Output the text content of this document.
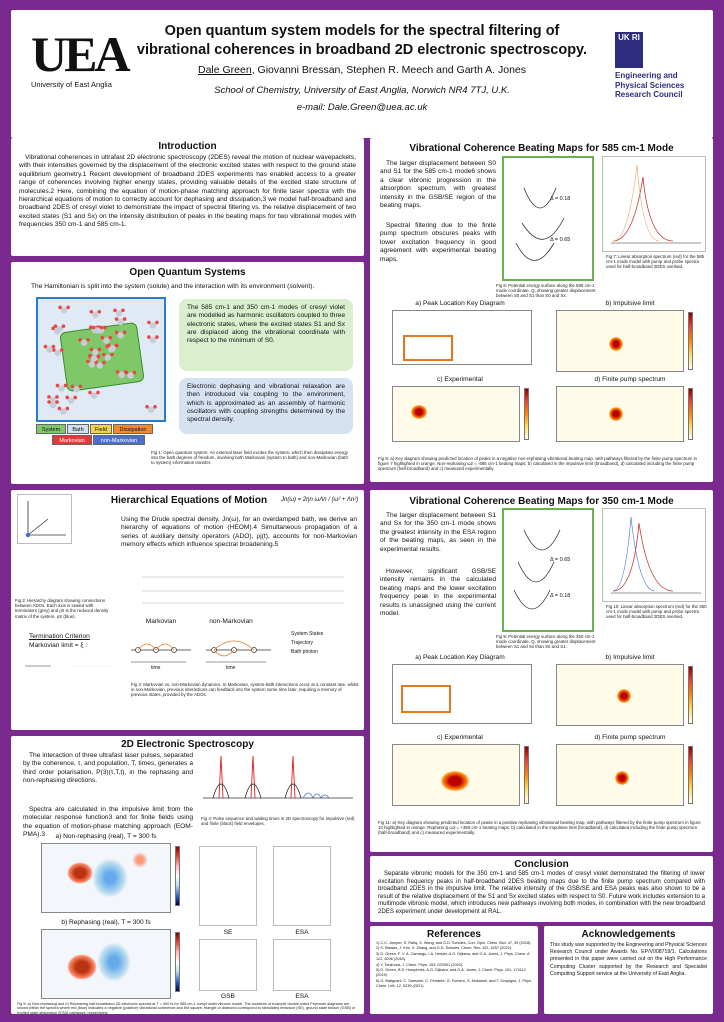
UEA
University of East Anglia
Open quantum system models for the spectral filtering of vibrational coherences in broadband 2D electronic spectroscopy.
Dale Green, Giovanni Bressan, Stephen R. Meech and Garth A. Jones
School of Chemistry, University of East Anglia, Norwich NR4 7TJ, U.K.
e-mail: Dale.Green@uea.ac.uk
UK RI
Engineering and Physical Sciences Research Council
Introduction
Vibrational coherences in ultrafast 2D electronic spectroscopy (2DES) reveal the motion of nuclear wavepackets, with their intensities governed by the displacement of the electronic excited states with respect to the ground state equilibrium geometry.1 Recent development of broadband 2DES experiments has enabled access to a greater range of coherences involving higher energy states, providing valuable details of the excited state structure of molecules.2 Here, combining the equation of motion-phase matching approach for finite laser spectra with the hierarchical equations of motion to correctly account for dephasing and dissipation,3 we model half-broadband and broadband 2DES of cresyl violet to demonstrate the impact of spectral filtering vs. the relative displacement of two excited states (S1 and Sx) on the intensity distribution of peaks in the beating maps for two vibrational modes with frequencies 350 cm-1 and 585 cm-1.
Open Quantum Systems
The Hamiltonian is split into the system (solute) and the interaction with its environment (solvent).
System	Bath	Field	Dissipation
Markovian	non-Markovian
The 585 cm-1 and 350 cm-1 modes of cresyl violet are modelled as harmonic oscillators coupled to three electronic states, where the excited states S1 and Sx are displaced along the vibrational coordinate with respect to the minimum of S0.
Electronic dephasing and vibrational relaxation are then introduced via coupling to the environment, which is approximated as an assembly of harmonic oscillators with coupling strengths determined by the spectral density.
Fig 1: Open quantum system. An external laser field excites the system, which then dissipates energy into the bath degrees of freedom, involving both Markovian (system to bath) and non-Markovian (bath to system) information transfer.
Hierarchical Equations of Motion	Jn(ω) = 2ηn ωΛn / (ω² + Λn²)
Using the Drude spectral density, Jn(ω), for an overdamped bath, we derive an hierarchy of equations of motion (HEOM).4 Simultaneous propagation of a series of auxiliary density operators (ADO), ρj(t), accounts for non-Markovian memory effects which influence spectral broadening.5
Fig 2: Hierarchy diagram showing connections between ADOs. Each axis is sealed with terminators (grey) and ρ0 is the reduced density matrix of the system, ρS (blue).
Termination Criterion
Markovian limit = ξ :
Markovian	non-Markovian
time	time
System States
Trajectory
Bath photon
Fig 3: Markovian vs. non-Markovian dynamics. In Markovian, system-bath interactions occur at a constant rate, whilst in non-Markovian, previous interactions can feedback into the system some time later, requiring a memory of previous states, provided by the ADOs.
2D Electronic Spectroscopy
The interaction of three ultrafast laser pulses, separated by the coherence, τ, and population, T, times, generates a third order polarisation, P(3)(τ,T,t), in the rephasing and non-rephasing directions.
Spectra are calculated in the impulsive limit from the molecular response function3 and for finite fields using the equation of motion-phase matching approach (EOM-PMA).3
Fig 4: Pulse sequence and waiting times in 2D spectroscopy for impulsive (red) and finite (black) field envelopes.
a) Non-rephasing (real), T = 300 fs
b) Rephasing (real), T = 300 fs
SE	ESA
GSB	ESA
Fig 5: a) Non-rephasing and b) Rephasing half-broadband 2D electronic spectra at T = 300 fs for 585 cm-1 cresyl violet vibronic model. The locations of example double-sided Feynman diagrams are shown within the spectra where red (blue) indicates a negative (positive) vibrational coherence and the square, triangle or diamond correspond to stimulated emission (SE), ground state bleach (GSB) or excited state absorption (ESA) pathways, respectively.
Vibrational Coherence Beating Maps for 585 cm-1 Mode
The larger displacement between S0 and S1 for the 585 cm-1 mode6 shows a clear vibronic progression in the absorption spectrum, with greatest intensity in the GSB/SE region of the beating maps.
Spectral filtering due to the finite pump spectrum obscures peaks with lower excitation frequency in good agreement with experimental beating maps.
Δ = 0.18
Δ = 0.65
Fig 6: Potential energy surface along the 585 cm-1 mode coordinate, Q, showing greater displacement between S0 and S1 than S0 and Sx.
Fig 7: Linear absorption spectrum (red) for the 585 cm-1 mode model with pump and probe spectra used for half-broadband 2DES overlaid.
a) Peak Location Key Diagram	b) Impulsive limit
c) Experimental	d) Finite pump spectrum
Fig 8: a) Key diagram showing predicted location of peaks in a negative non-rephasing vibrational beating map, with pathways filtered by the finite pump spectrum in figure 7 highlighted in orange. Non-rephasing ω2 = -585 cm-1 beating maps: b) calculated in the impulsive limit (broadband), d) calculated including the finite pump spectrum (half-broadband) and c) measured experimentally.
Vibrational Coherence Beating Maps for 350 cm-1 Mode
The larger displacement between S1 and Sx for the 350 cm-1 mode shows the greatest intensity in the ESA region of the beating maps, as seen in the experimental results.
However, significant GSB/SE intensity remains in the calculated beating maps and the lower excitation frequency peak in the experimental results is unassigned using the current model.
Δ = 0.65
Δ = 0.18
Fig 9: Potential energy surface along the 350 cm-1 mode coordinate, Q, showing greater displacement between S1 and Sx than S0 and S1.
Fig 10: Linear absorption spectrum (red) for the 350 cm-1 mode model with pump and probe spectra used for half-broadband 2DES overlaid.
a) Peak Location Key Diagram	b) Impulsive limit
c) Experimental	d) Finite pump spectrum
Fig 11: a) Key diagram showing predicted location of peaks in a positive rephasing vibrational beating map, with pathways filtered by the finite pump spectrum in figure 10 highlighted in orange. Rephasing ω2 = +350 cm-1 beating maps: b) calculated in the impulsive limit (broadband), d) calculated including the finite pump spectrum (half-broadband) and c) measured experimentally.
Conclusion
Separate vibronic models for the 350 cm-1 and 585 cm-1 modes of cresyl violet demonstrated the filtering of lower excitation frequency peaks in half-broadband 2DES beating maps due to the finite pump spectrum compared with broadband 2DES in the impulsive limit. The relative intensity of the GSB/SE and ESA peaks was also shown to be a result of the relative displacement of the S1 and Sx excited states with respect to S0. Future work includes extension to a multimode vibronic model, which introduces new pathways involving both modes, in combination with the new broadband 2DES experiment under development at RAL.
References
1) C.C. Jumper, S. Rafiq, S. Wang, and G.D. Scholes, Curr. Opin. Chem. Biol. 47, 39 (2018).
2) S. Biswas, J. Kim, X. Zhang, and G.D. Scholes, Chem. Rev. 122, 4257 (2022).
3) D. Green, F. V. A. Camargo, I.A. Heisler, A.G. Dijkstra, and G.A. Jones, J. Phys. Chem. A 122, 6206 (2018).
4) Y. Tanimura, J. Chem. Phys. 153, 020901 (2020).
5) D. Green, B.S. Humphries, A.G. Dijkstra, and G.A. Jones, J. Chem. Phys. 151, 174112 (2019).
6) G. Batignani, C. Sansone, C. Ferrante, G. Fumero, S. Mukamel, and T. Scopigno, J. Phys. Chem. Lett. 12, 9239 (2021).
Acknowledgements
This study was supported by the Engineering and Physical Sciences Research Council under Awards No. EP/V008719/1. Calculations presented in this paper were carried out on the High Performance Computing Cluster supported by the Research and Specialist Computing Support service at the University of East Anglia.
